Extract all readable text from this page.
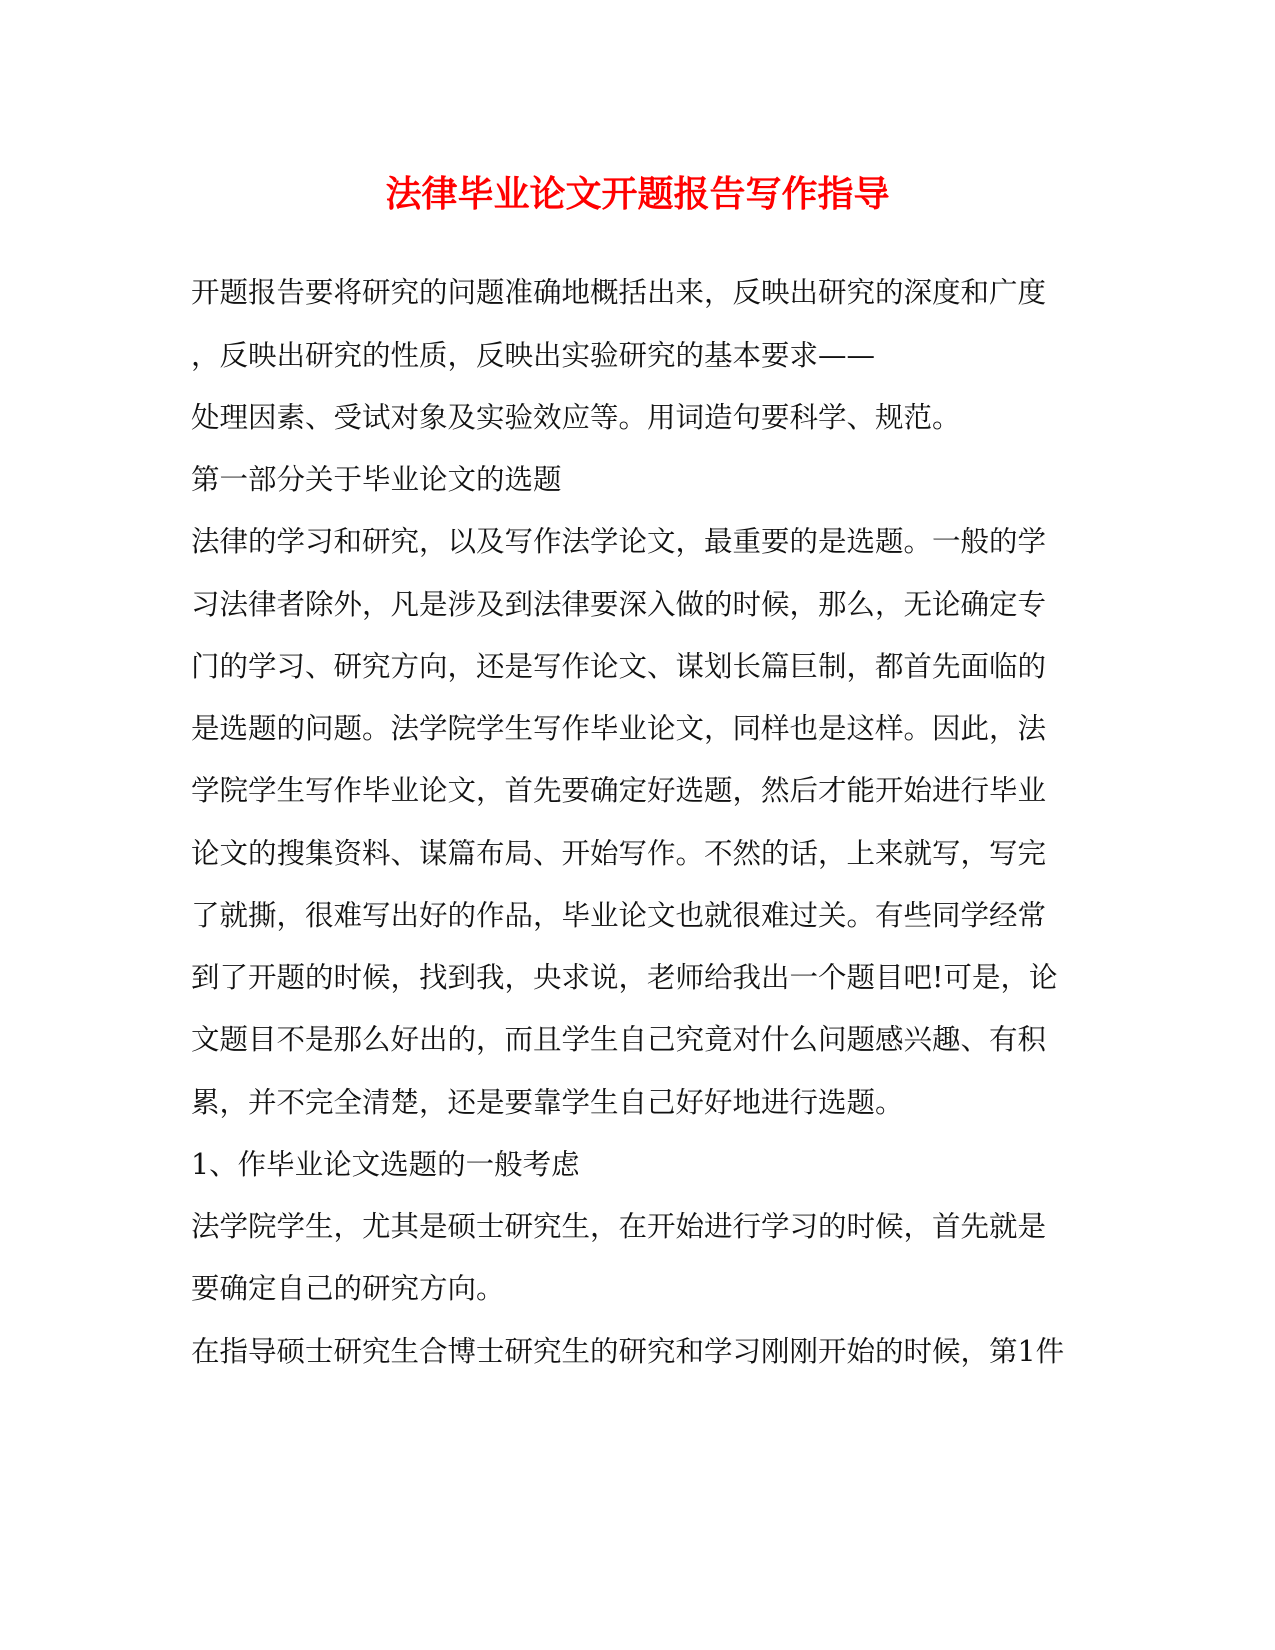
法律毕业论文开题报告写作指导
开题报告要将研究的问题准确地概括出来，反映出研究的深度和广度
，反映出研究的性质，反映出实验研究的基本要求——
处理因素、受试对象及实验效应等。用词造句要科学、规范。
第一部分关于毕业论文的选题
法律的学习和研究，以及写作法学论文，最重要的是选题。一般的学
习法律者除外，凡是涉及到法律要深入做的时候，那么，无论确定专
门的学习、研究方向，还是写作论文、谋划长篇巨制，都首先面临的
是选题的问题。法学院学生写作毕业论文，同样也是这样。因此，法
学院学生写作毕业论文，首先要确定好选题，然后才能开始进行毕业
论文的搜集资料、谋篇布局、开始写作。不然的话，上来就写，写完
了就撕，很难写出好的作品，毕业论文也就很难过关。有些同学经常
到了开题的时候，找到我，央求说，老师给我出一个题目吧!可是，论
文题目不是那么好出的，而且学生自己究竟对什么问题感兴趣、有积
累，并不完全清楚，还是要靠学生自己好好地进行选题。
1、作毕业论文选题的一般考虑
法学院学生，尤其是硕士研究生，在开始进行学习的时候，首先就是
要确定自己的研究方向。
在指导硕士研究生合博士研究生的研究和学习刚刚开始的时候，第1件
